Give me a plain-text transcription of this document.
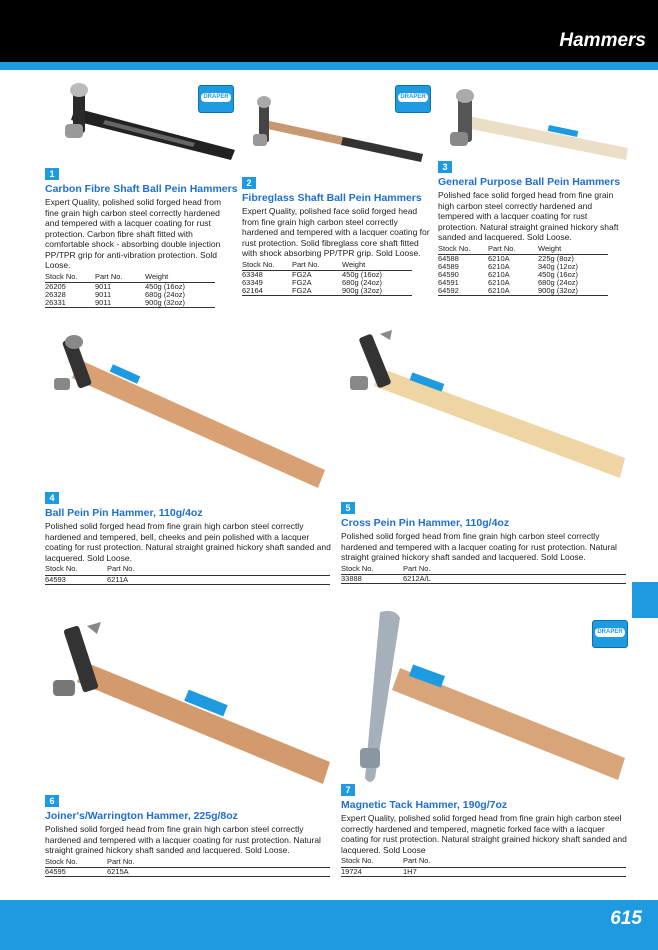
Hammers
DRAPER	DRAPER
DRAPER
1
Carbon Fibre Shaft Ball Pein Hammers

Expert Quality, polished solid forged head from fine grain high carbon steel correctly hardened and tempered with a lacquer coating for rust protection. Carbon fibre shaft fitted with comfortable shock - absorbing double injection PP/TPR grip for anti-vibration protection. Sold Loose.

Stock No.	Part No.	Weight
26205	9011	450g (16oz)
26328	9011	680g (24oz)
26331	9011	900g (32oz)
2
Fibreglass Shaft Ball Pein Hammers

Expert Quality, polished face solid forged head from fine grain high carbon steel correctly hardened and tempered with a lacquer coating for rust protection. Solid fibreglass core shaft fitted with shock absorbing PP/TPR grip. Sold Loose.

Stock No.	Part No.	Weight
63348	FG2A	450g (16oz)
63349	FG2A	680g (24oz)
62164	FG2A	900g (32oz)
3
General Purpose Ball Pein Hammers

Polished face solid forged head from fine grain high carbon steel correctly hardened and tempered with a lacquer coating for rust protection. Natural straight grained hickory shaft sanded and lacquered. Sold Loose.

Stock No.	Part No.	Weight
64588	6210A	225g (8oz)
64589	6210A	340g (12oz)
64590	6210A	450g (16oz)
64591	6210A	680g (24oz)
64592	6210A	900g (32oz)
4
Ball Pein Pin Hammer, 110g/4oz

Polished solid forged head from fine grain high carbon steel correctly hardened and tempered, bell, cheeks and pein polished with a lacquer coating for rust protection. Natural straight grained hickory shaft sanded and lacquered. Sold Loose.

Stock No.	Part No.
64593	6211A
5
Cross Pein Pin Hammer, 110g/4oz

Polished solid forged head from fine grain high carbon steel correctly hardened and tempered with a lacquer coating for rust protection. Natural straight grained hickory shaft sanded and lacquered. Sold Loose.

Stock No.	Part No.
33888	6212A/L
6
Joiner's/Warrington Hammer, 225g/8oz

Polished solid forged head from fine grain high carbon steel correctly hardened and tempered with a lacquer coating for rust protection. Natural straight grained hickory shaft sanded and lacquered. Sold Loose.

Stock No.	Part No.
64595	6215A
7
Magnetic Tack Hammer, 190g/7oz

Expert Quality, polished solid forged head from fine grain high carbon steel correctly hardened and tempered, magnetic forked face with a lacquer coating for rust protection. Natural straight grained hickory shaft sanded and lacquered. Sold Loose

Stock No.	Part No.
19724	1H7
615
